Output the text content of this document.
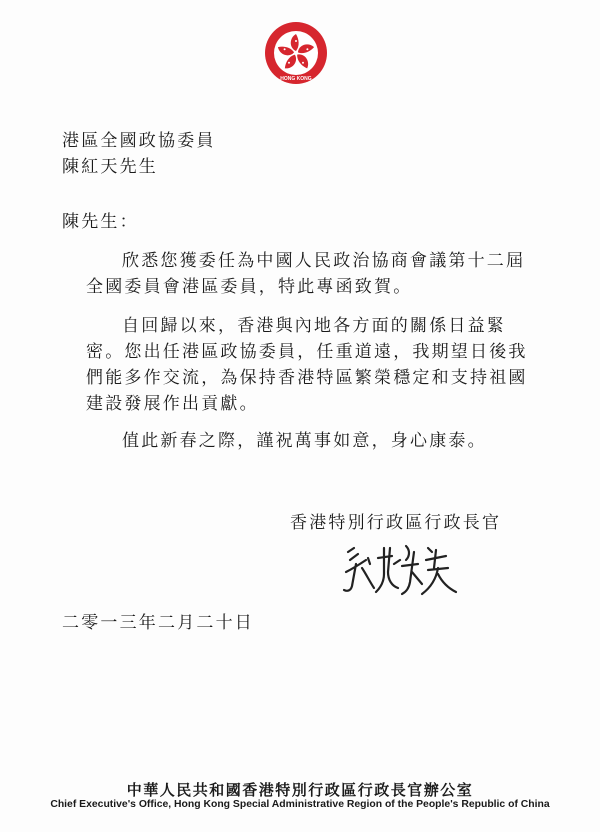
HONG KONG
港區全國政協委員
陳紅天先生
陳先生：
欣悉您獲委任為中國人民政治協商會議第十二屆
全國委員會港區委員，特此專函致賀。
自回歸以來，香港與內地各方面的關係日益緊
密。您出任港區政協委員，任重道遠，我期望日後我
們能多作交流，為保持香港特區繁榮穩定和支持祖國
建設發展作出貢獻。
值此新春之際，謹祝萬事如意，身心康泰。
香港特別行政區行政長官
二零一三年二月二十日
中華人民共和國香港特別行政區行政長官辦公室
Chief Executive's Office, Hong Kong Special Administrative Region of the People's Republic of China
